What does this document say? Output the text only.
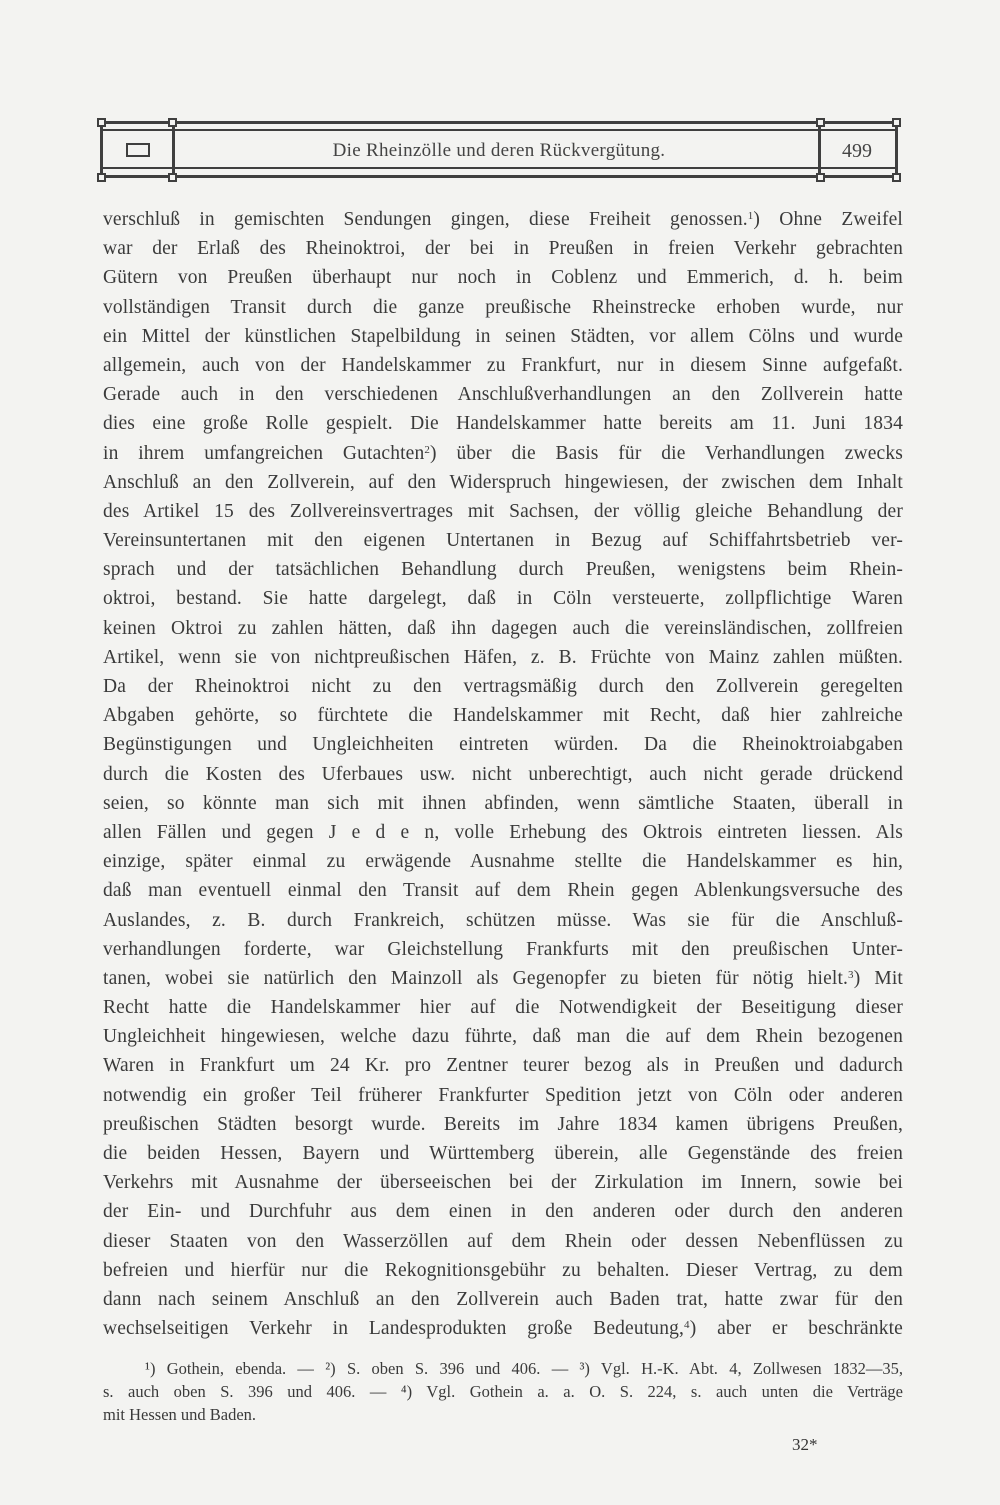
Die Rheinzölle und deren Rückvergütung.	499
verschluß in gemischten Sendungen gingen, diese Freiheit genossen.$^1$) Ohne Zweifel
war der Erlaß des Rheinoktroi, der bei in Preußen in freien Verkehr gebrachten
Gütern von Preußen überhaupt nur noch in Coblenz und Emmerich, d. h. beim
vollständigen Transit durch die ganze preußische Rheinstrecke erhoben wurde, nur
ein Mittel der künstlichen Stapelbildung in seinen Städten, vor allem Cölns und wurde
allgemein, auch von der Handelskammer zu Frankfurt, nur in diesem Sinne aufgefaßt.
Gerade auch in den verschiedenen Anschlußverhandlungen an den Zollverein hatte
dies eine große Rolle gespielt. Die Handelskammer hatte bereits am 11. Juni 1834
in ihrem umfangreichen Gutachten$^2$) über die Basis für die Verhandlungen zwecks
Anschluß an den Zollverein, auf den Widerspruch hingewiesen, der zwischen dem Inhalt
des Artikel 15 des Zollvereinsvertrages mit Sachsen, der völlig gleiche Behandlung der
Vereinsuntertanen mit den eigenen Untertanen in Bezug auf Schiffahrtsbetrieb ver-
sprach und der tatsächlichen Behandlung durch Preußen, wenigstens beim Rhein-
oktroi, bestand. Sie hatte dargelegt, daß in Cöln versteuerte, zollpflichtige Waren
keinen Oktroi zu zahlen hätten, daß ihn dagegen auch die vereinsländischen, zollfreien
Artikel, wenn sie von nichtpreußischen Häfen, z. B. Früchte von Mainz zahlen müßten.
Da der Rheinoktroi nicht zu den vertragsmäßig durch den Zollverein geregelten
Abgaben gehörte, so fürchtete die Handelskammer mit Recht, daß hier zahlreiche
Begünstigungen und Ungleichheiten eintreten würden. Da die Rheinoktroiabgaben
durch die Kosten des Uferbaues usw. nicht unberechtigt, auch nicht gerade drückend
seien, so könnte man sich mit ihnen abfinden, wenn sämtliche Staaten, überall in
allen Fällen und gegen J e d e n, volle Erhebung des Oktrois eintreten liessen. Als
einzige, später einmal zu erwägende Ausnahme stellte die Handelskammer es hin,
daß man eventuell einmal den Transit auf dem Rhein gegen Ablenkungsversuche des
Auslandes, z. B. durch Frankreich, schützen müsse. Was sie für die Anschluß-
verhandlungen forderte, war Gleichstellung Frankfurts mit den preußischen Unter-
tanen, wobei sie natürlich den Mainzoll als Gegenopfer zu bieten für nötig hielt.$^3$) Mit
Recht hatte die Handelskammer hier auf die Notwendigkeit der Beseitigung dieser
Ungleichheit hingewiesen, welche dazu führte, daß man die auf dem Rhein bezogenen
Waren in Frankfurt um 24 Kr. pro Zentner teurer bezog als in Preußen und dadurch
notwendig ein großer Teil früherer Frankfurter Spedition jetzt von Cöln oder anderen
preußischen Städten besorgt wurde. Bereits im Jahre 1834 kamen übrigens Preußen,
die beiden Hessen, Bayern und Württemberg überein, alle Gegenstände des freien
Verkehrs mit Ausnahme der überseeischen bei der Zirkulation im Innern, sowie bei
der Ein- und Durchfuhr aus dem einen in den anderen oder durch den anderen
dieser Staaten von den Wasserzöllen auf dem Rhein oder dessen Nebenflüssen zu
befreien und hierfür nur die Rekognitionsgebühr zu behalten. Dieser Vertrag, zu dem
dann nach seinem Anschluß an den Zollverein auch Baden trat, hatte zwar für den
wechselseitigen Verkehr in Landesprodukten große Bedeutung,$^4$) aber er beschränkte
¹) Gothein, ebenda. — ²) S. oben S. 396 und 406. — ³) Vgl. H.-K. Abt. 4, Zollwesen 1832—35,
s. auch oben S. 396 und 406. — ⁴) Vgl. Gothein a. a. O. S. 224, s. auch unten die Verträge
mit Hessen und Baden.
32*
